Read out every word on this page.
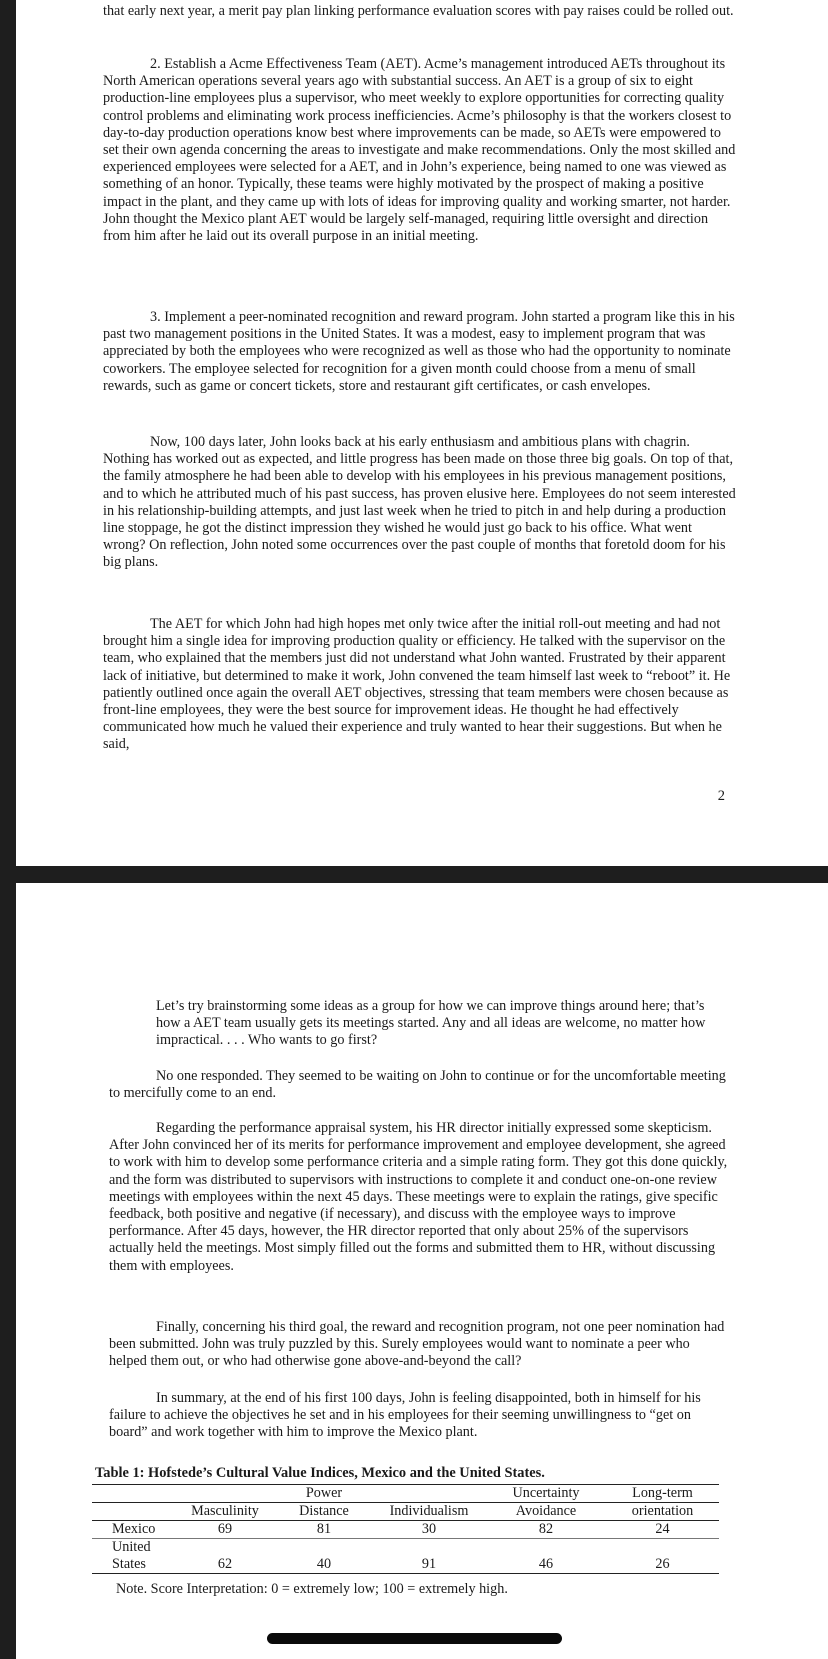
that early next year, a merit pay plan linking performance evaluation scores with pay raises could be rolled out.

2. Establish a Acme Effectiveness Team (AET). Acme’s management introduced AETs throughout its North American operations several years ago with substantial success. An AET is a group of six to eight production-line employees plus a supervisor, who meet weekly to explore opportunities for correcting quality control problems and eliminating work process inefficiencies. Acme’s philosophy is that the workers closest to day-to-day production operations know best where improvements can be made, so AETs were empowered to set their own agenda concerning the areas to investigate and make recommendations. Only the most skilled and experienced employees were selected for a AET, and in John’s experience, being named to one was viewed as something of an honor. Typically, these teams were highly motivated by the prospect of making a positive impact in the plant, and they came up with lots of ideas for improving quality and working smarter, not harder. John thought the Mexico plant AET would be largely self-managed, requiring little oversight and direction from him after he laid out its overall purpose in an initial meeting.

3. Implement a peer-nominated recognition and reward program. John started a program like this in his past two management positions in the United States. It was a modest, easy to implement program that was appreciated by both the employees who were recognized as well as those who had the opportunity to nominate coworkers. The employee selected for recognition for a given month could choose from a menu of small rewards, such as game or concert tickets, store and restaurant gift certificates, or cash envelopes.

Now, 100 days later, John looks back at his early enthusiasm and ambitious plans with chagrin. Nothing has worked out as expected, and little progress has been made on those three big goals. On top of that, the family atmosphere he had been able to develop with his employees in his previous management positions, and to which he attributed much of his past success, has proven elusive here. Employees do not seem interested in his relationship-building attempts, and just last week when he tried to pitch in and help during a production line stoppage, he got the distinct impression they wished he would just go back to his office. What went wrong? On reflection, John noted some occurrences over the past couple of months that foretold doom for his big plans.

The AET for which John had high hopes met only twice after the initial roll-out meeting and had not brought him a single idea for improving production quality or efficiency. He talked with the supervisor on the team, who explained that the members just did not understand what John wanted. Frustrated by their apparent lack of initiative, but determined to make it work, John convened the team himself last week to “reboot” it. He patiently outlined once again the overall AET objectives, stressing that team members were chosen because as front-line employees, they were the best source for improvement ideas. He thought he had effectively communicated how much he valued their experience and truly wanted to hear their suggestions. But when he said,

2

Let’s try brainstorming some ideas as a group for how we can improve things around here; that’s how a AET team usually gets its meetings started. Any and all ideas are welcome, no matter how impractical. . . . Who wants to go first?

No one responded. They seemed to be waiting on John to continue or for the uncomfortable meeting to mercifully come to an end.

Regarding the performance appraisal system, his HR director initially expressed some skepticism. After John convinced her of its merits for performance improvement and employee development, she agreed to work with him to develop some performance criteria and a simple rating form. They got this done quickly, and the form was distributed to supervisors with instructions to complete it and conduct one-on-one review meetings with employees within the next 45 days. These meetings were to explain the ratings, give specific feedback, both positive and negative (if necessary), and discuss with the employee ways to improve performance. After 45 days, however, the HR director reported that only about 25% of the supervisors actually held the meetings. Most simply filled out the forms and submitted them to HR, without discussing them with employees.

Finally, concerning his third goal, the reward and recognition program, not one peer nomination had been submitted. John was truly puzzled by this. Surely employees would want to nominate a peer who helped them out, or who had otherwise gone above-and-beyond the call?

In summary, at the end of his first 100 days, John is feeling disappointed, both in himself for his failure to achieve the objectives he set and in his employees for their seeming unwillingness to “get on board” and work together with him to improve the Mexico plant.

Table 1: Hofstede’s Cultural Value Indices, Mexico and the United States.
		Power		Uncertainty	Long-term
	Masculinity	Distance	Individualism	Avoidance	orientation
Mexico	69	81	30	82	24
United					
States	62	40	91	46	26
Note. Score Interpretation: 0 = extremely low; 100 = extremely high.
